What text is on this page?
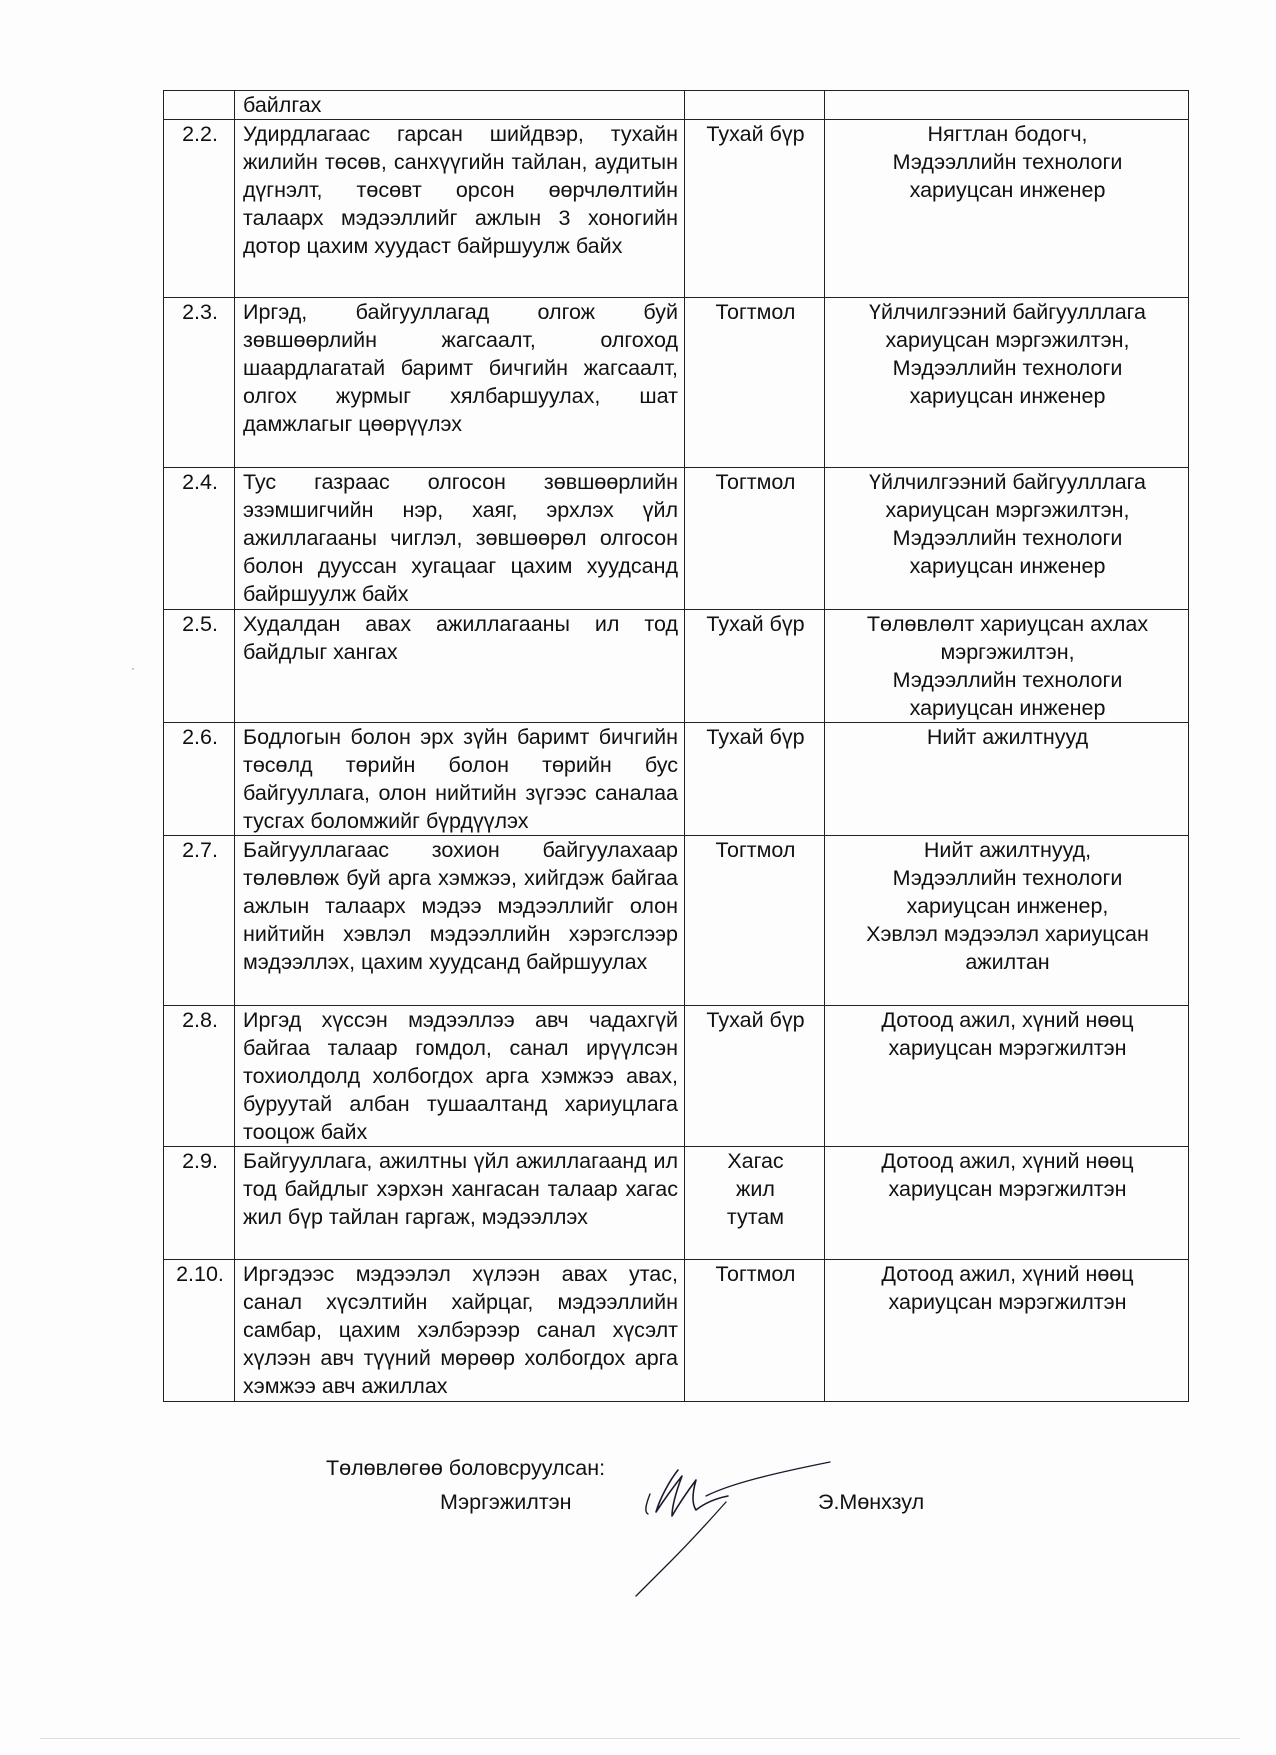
	байлгах		
2.2.	Удирдлагаас гарсан шийдвэр, тухайн жилийн төсөв, санхүүгийн тайлан, аудитын дүгнэлт, төсөвт орсон өөрчлөлтийн талаарх мэдээллийг ажлын 3 хоногийн дотор цахим хуудаст байршуулж байх	Тухай бүр	Нягтлан бодогч,
Мэдээллийн технологи
хариуцсан инженер
2.3.	Иргэд, байгууллагад олгож буй зөвшөөрлийн жагсаалт, олгоход шаардлагатай баримт бичгийн жагсаалт, олгох журмыг хялбаршуулах, шат дамжлагыг цөөрүүлэх	Тогтмол	Үйлчилгээний байгуулллага
хариуцсан мэргэжилтэн,
Мэдээллийн технологи
хариуцсан инженер
2.4.	Тус газраас олгосон зөвшөөрлийн эзэмшигчийн нэр, хаяг, эрхлэх үйл ажиллагааны чиглэл, зөвшөөрөл олгосон болон дууссан хугацааг цахим хуудсанд байршуулж байх	Тогтмол	Үйлчилгээний байгуулллага
хариуцсан мэргэжилтэн,
Мэдээллийн технологи
хариуцсан инженер
2.5.	Худалдан авах ажиллагааны ил тод байдлыг хангах	Тухай бүр	Төлөвлөлт хариуцсан ахлах
мэргэжилтэн,
Мэдээллийн технологи
хариуцсан инженер
2.6.	Бодлогын болон эрх зүйн баримт бичгийн төсөлд төрийн болон төрийн бус байгууллага, олон нийтийн зүгээс саналаа тусгах боломжийг бүрдүүлэх	Тухай бүр	Нийт ажилтнууд
2.7.	Байгууллагаас зохион байгуулахаар төлөвлөж буй арга хэмжээ, хийгдэж байгаа ажлын талаарх мэдээ мэдээллийг олон нийтийн хэвлэл мэдээллийн хэрэгслээр мэдээллэх, цахим хуудсанд байршуулах	Тогтмол	Нийт ажилтнууд,
Мэдээллийн технологи
хариуцсан инженер,
Хэвлэл мэдээлэл хариуцсан
ажилтан
2.8.	Иргэд хүссэн мэдээллээ авч чадахгүй байгаа талаар гомдол, санал ирүүлсэн тохиолдолд холбогдох арга хэмжээ авах, буруутай албан тушаалтанд хариуцлага тооцож байх	Тухай бүр	Дотоод ажил, хүний нөөц
хариуцсан мэрэгжилтэн
2.9.	Байгууллага, ажилтны үйл ажиллагаанд ил тод байдлыг хэрхэн хангасан талаар хагас жил бүр тайлан гаргаж, мэдээллэх	Хагас
жил
тутам	Дотоод ажил, хүний нөөц
хариуцсан мэрэгжилтэн
2.10.	Иргэдээс мэдээлэл хүлээн авах утас, санал хүсэлтийн хайрцаг, мэдээллийн самбар, цахим хэлбэрээр санал хүсэлт хүлээн авч түүний мөрөөр холбогдох арга хэмжээ авч ажиллах	Тогтмол	Дотоод ажил, хүний нөөц
хариуцсан мэрэгжилтэн
Төлөвлөгөө боловсруулсан:
Мэргэжилтэн	Э.Мөнхзул
